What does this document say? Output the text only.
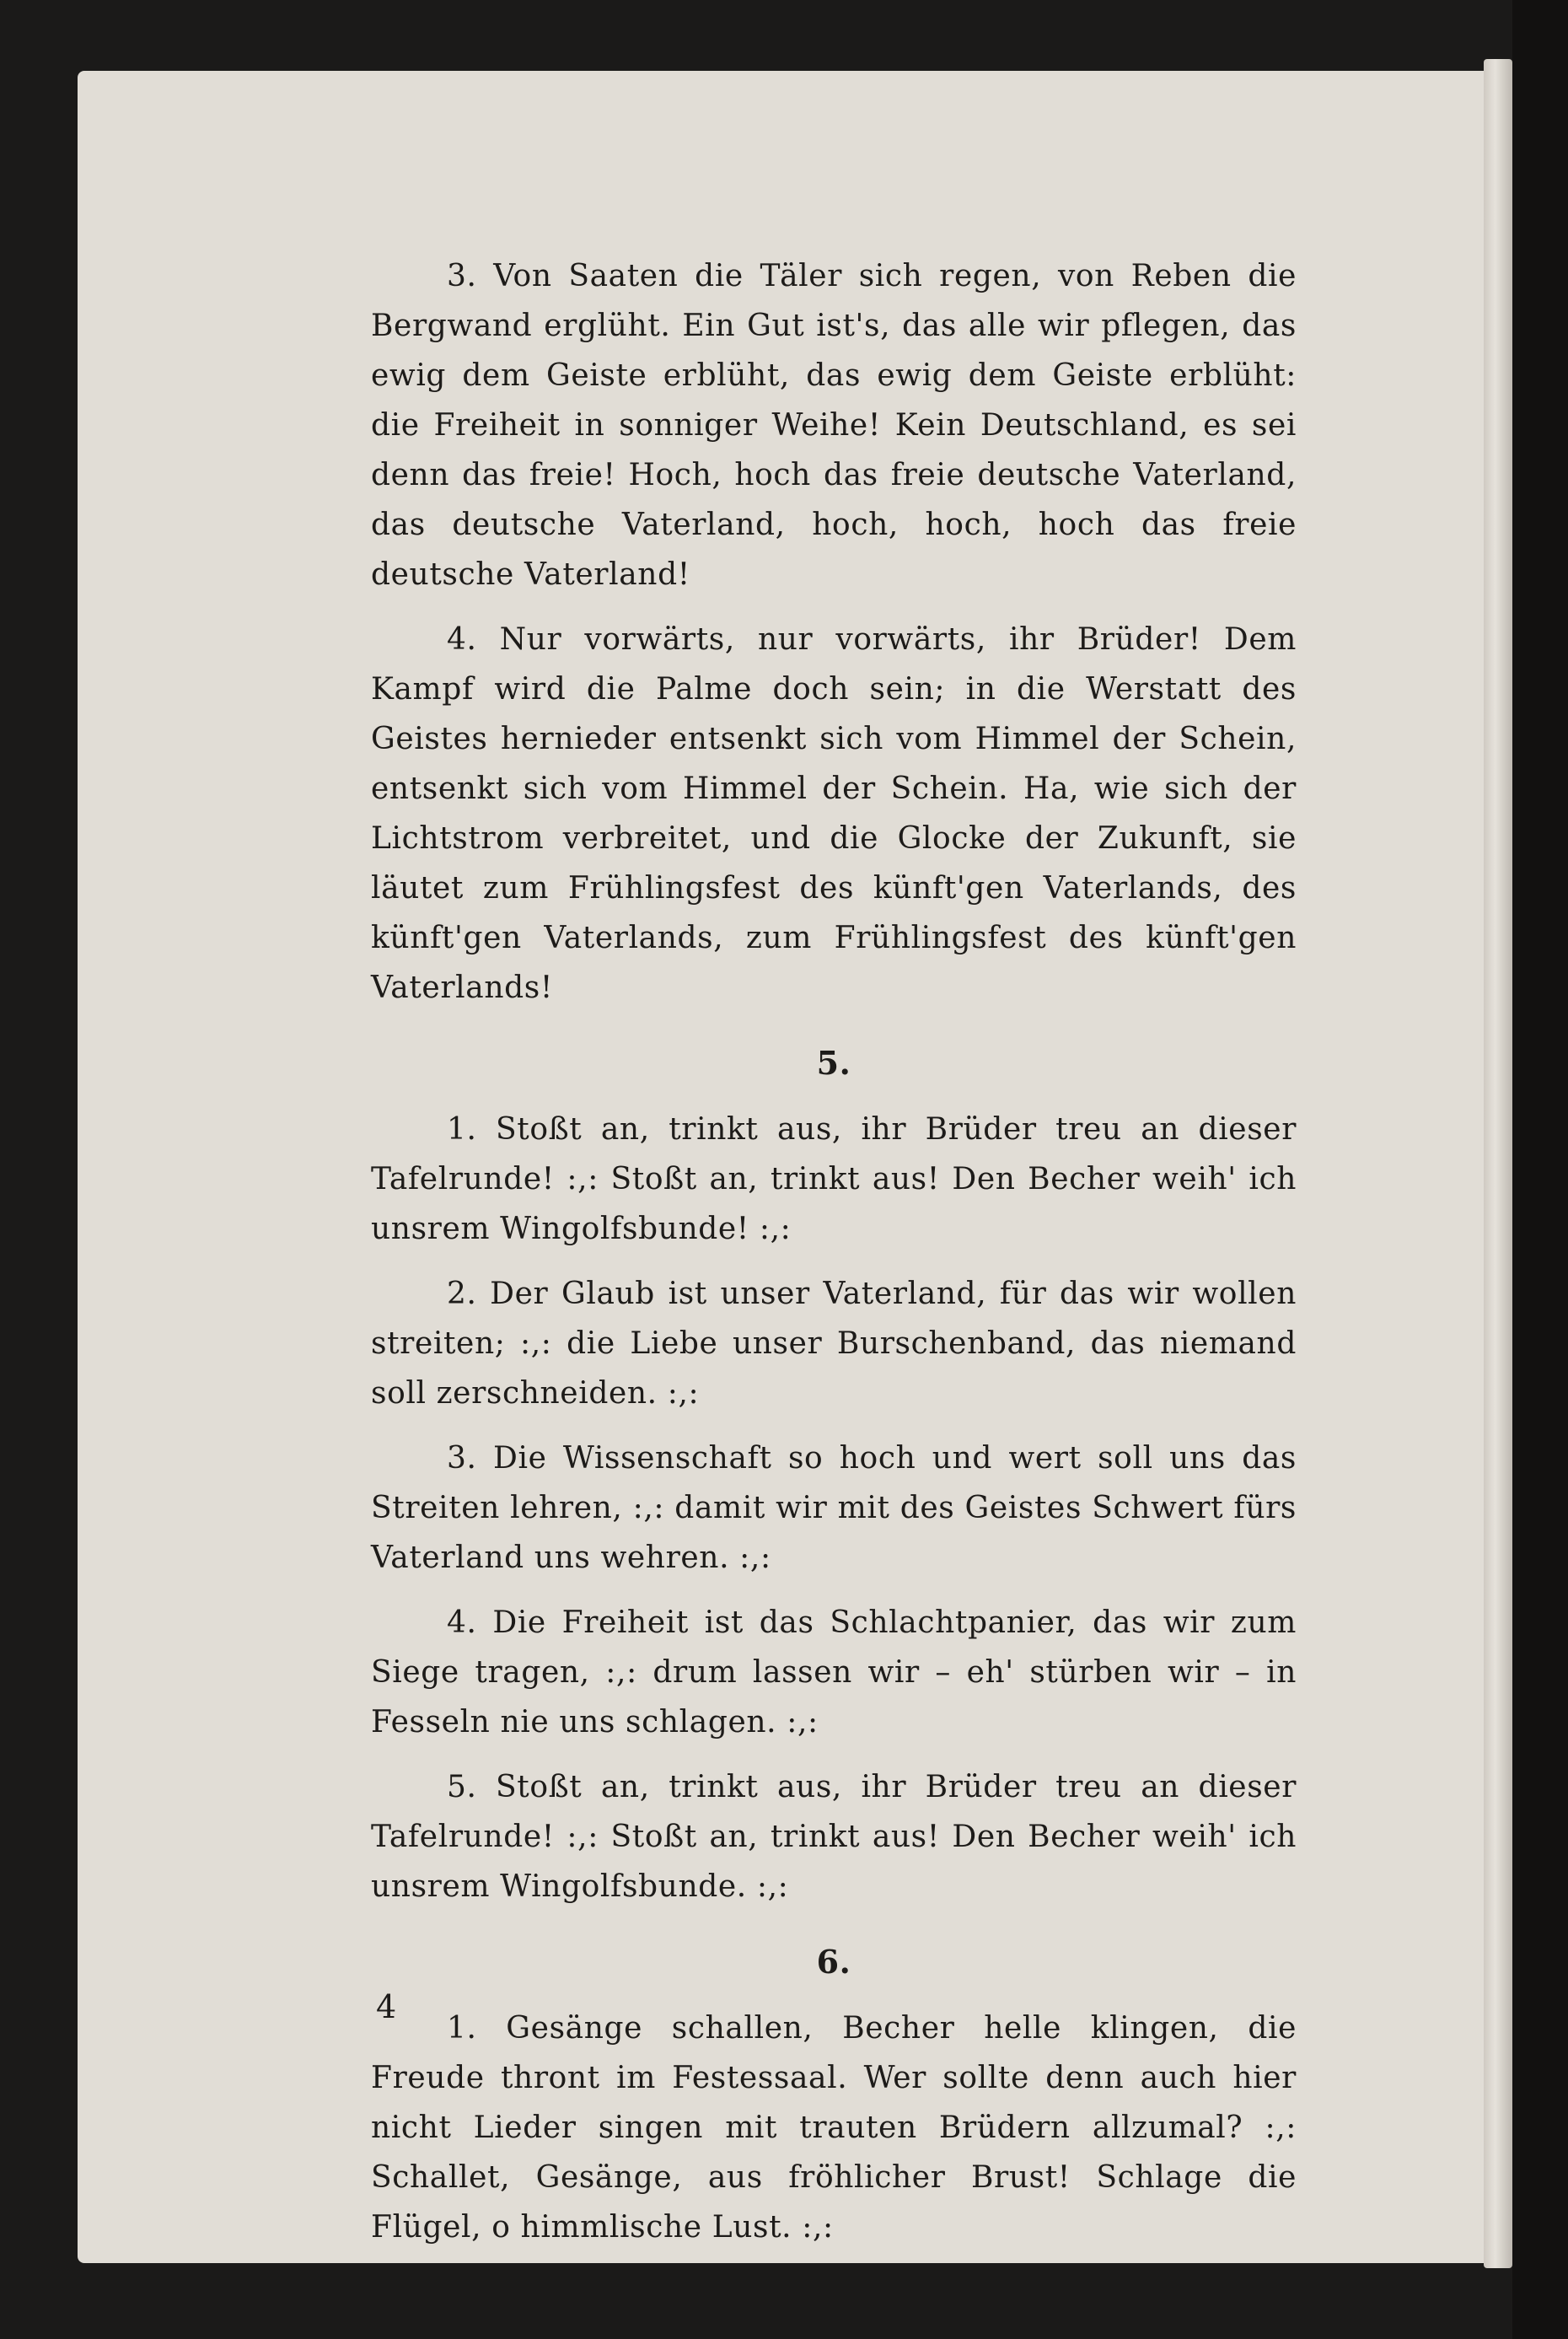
3. Von Saaten die Täler sich regen, von Reben die Bergwand erglüht. Ein Gut ist's, das alle wir pflegen, das ewig dem Geiste erblüht, das ewig dem Geiste erblüht: die Freiheit in sonniger Weihe! Kein Deutschland, es sei denn das freie! Hoch, hoch das freie deutsche Vaterland, das deutsche Vaterland, hoch, hoch, hoch das freie deutsche Vaterland!

4. Nur vorwärts, nur vorwärts, ihr Brüder! Dem Kampf wird die Palme doch sein; in die Werstatt des Geistes hernieder entsenkt sich vom Himmel der Schein, entsenkt sich vom Himmel der Schein. Ha, wie sich der Lichtstrom verbreitet, und die Glocke der Zukunft, sie läutet zum Frühlingsfest des künft'gen Vaterlands, des künft'gen Vaterlands, zum Frühlingsfest des künft'gen Vaterlands!

5.

1. Stoßt an, trinkt aus, ihr Brüder treu an dieser Tafelrunde! :,: Stoßt an, trinkt aus! Den Becher weih' ich unsrem Wingolfsbunde! :,:

2. Der Glaub ist unser Vaterland, für das wir wollen streiten; :,: die Liebe unser Burschenband, das niemand soll zerschneiden. :,:

3. Die Wissenschaft so hoch und wert soll uns das Streiten lehren, :,: damit wir mit des Geistes Schwert fürs Vaterland uns wehren. :,:

4. Die Freiheit ist das Schlachtpanier, das wir zum Siege tragen, :,: drum lassen wir – eh' stürben wir – in Fesseln nie uns schlagen. :,:

5. Stoßt an, trinkt aus, ihr Brüder treu an dieser Tafelrunde! :,: Stoßt an, trinkt aus! Den Becher weih' ich unsrem Wingolfsbunde. :,:

6.

1. Gesänge schallen, Becher helle klingen, die Freude thront im Festessaal. Wer sollte denn auch hier nicht Lieder singen mit trauten Brüdern allzumal? :,: Schallet, Gesänge, aus fröhlicher Brust! Schlage die Flügel, o himmlische Lust. :,:

4
